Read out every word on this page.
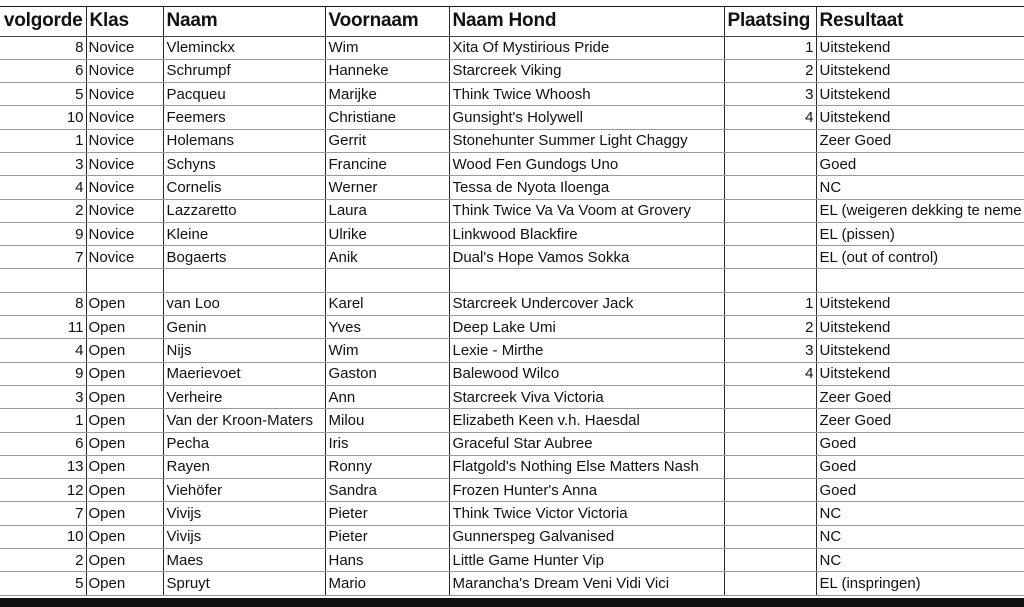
volgorde	Klas	Naam	Voornaam	Naam Hond	Plaatsing	Resultaat
8	Novice	Vleminckx	Wim	Xita Of Mystirious Pride	1	Uitstekend
6	Novice	Schrumpf	Hanneke	Starcreek Viking	2	Uitstekend
5	Novice	Pacqueu	Marijke	Think Twice Whoosh	3	Uitstekend
10	Novice	Feemers	Christiane	Gunsight's Holywell	4	Uitstekend
1	Novice	Holemans	Gerrit	Stonehunter Summer Light Chaggy		Zeer Goed
3	Novice	Schyns	Francine	Wood Fen Gundogs Uno		Goed
4	Novice	Cornelis	Werner	Tessa de Nyota Iloenga		NC
2	Novice	Lazzaretto	Laura	Think Twice Va Va Voom at Grovery		EL (weigeren dekking te neme
9	Novice	Kleine	Ulrike	Linkwood Blackfire		EL (pissen)
7	Novice	Bogaerts	Anik	Dual's Hope Vamos Sokka		EL (out of control)

8	Open	van Loo	Karel	Starcreek Undercover Jack	1	Uitstekend
11	Open	Genin	Yves	Deep Lake Umi	2	Uitstekend
4	Open	Nijs	Wim	Lexie - Mirthe	3	Uitstekend
9	Open	Maerievoet	Gaston	Balewood Wilco	4	Uitstekend
3	Open	Verheire	Ann	Starcreek Viva Victoria		Zeer Goed
1	Open	Van der Kroon-Maters	Milou	Elizabeth Keen v.h. Haesdal		Zeer Goed
6	Open	Pecha	Iris	Graceful Star Aubree		Goed
13	Open	Rayen	Ronny	Flatgold's Nothing Else Matters Nash		Goed
12	Open	Viehöfer	Sandra	Frozen Hunter's Anna		Goed
7	Open	Vivijs	Pieter	Think Twice Victor Victoria		NC
10	Open	Vivijs	Pieter	Gunnerspeg Galvanised		NC
2	Open	Maes	Hans	Little Game Hunter Vip		NC
5	Open	Spruyt	Mario	Marancha's Dream Veni Vidi Vici		EL (inspringen)
